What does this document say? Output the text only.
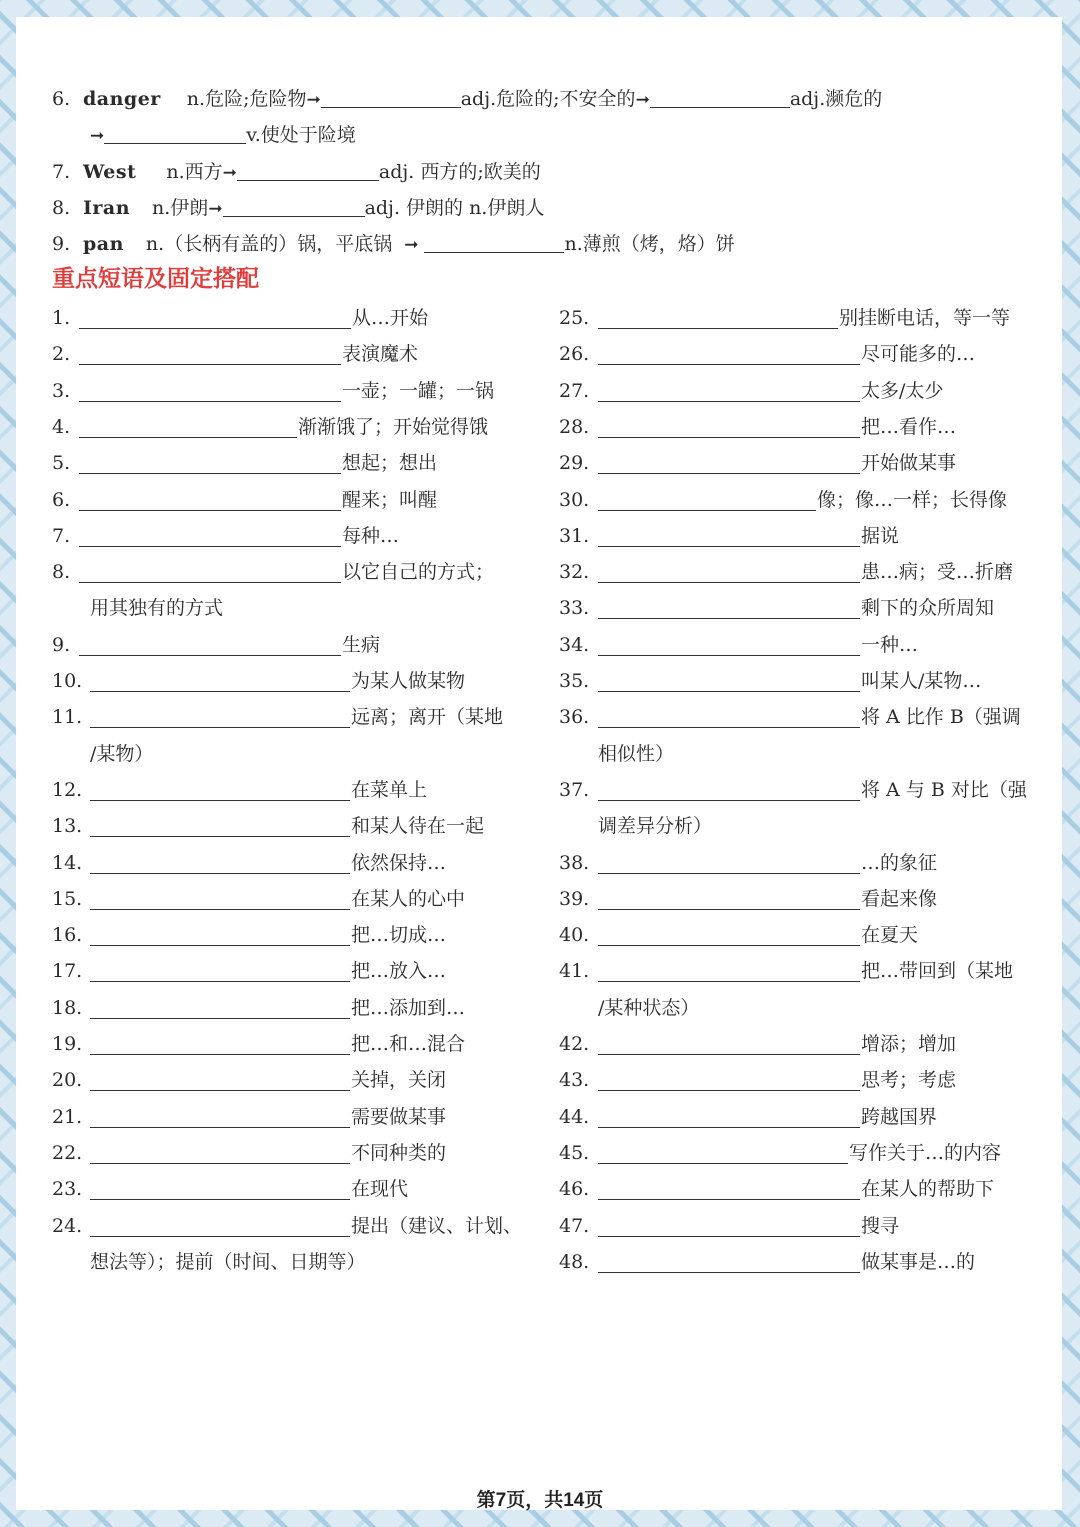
6. danger n.危险;危险物➞	adj.危险的;不安全的➞	adj.濒危的
➞	v.使处于险境
7. West n.西方➞	adj. 西方的;欧美的
8. Iran n.伊朗➞	adj. 伊朗的 n.伊朗人
9. pan n.（长柄有盖的）锅，平底锅 ➞	n.薄煎（烤，烙）饼
重点短语及固定搭配
1.	从…开始
2.	表演魔术
3.	一壶；一罐；一锅
4.	渐渐饿了；开始觉得饿
5.	想起；想出
6.	醒来；叫醒
7.	每种…
8.	以它自己的方式；
用其独有的方式
9.	生病
10.	为某人做某物
11.	远离；离开（某地
/某物）
12.	在菜单上
13.	和某人待在一起
14.	依然保持…
15.	在某人的心中
16.	把…切成…
17.	把…放入…
18.	把…添加到…
19.	把…和…混合
20.	关掉，关闭
21.	需要做某事
22.	不同种类的
23.	在现代
24.	提出（建议、计划、
想法等）；提前（时间、日期等）
25.	别挂断电话，等一等
26.	尽可能多的…
27.	太多/太少
28.	把…看作…
29.	开始做某事
30.	像；像…一样；长得像
31.	据说
32.	患…病；受…折磨
33.	剩下的众所周知
34.	一种…
35.	叫某人/某物…
36.	将 A 比作 B（强调
相似性）
37.	将 A 与 B 对比（强
调差异分析）
38.	…的象征
39.	看起来像
40.	在夏天
41.	把…带回到（某地
/某种状态）
42.	增添；增加
43.	思考；考虑
44.	跨越国界
45.	写作关于…的内容
46.	在某人的帮助下
47.	搜寻
48.	做某事是…的
第7页，共14页
